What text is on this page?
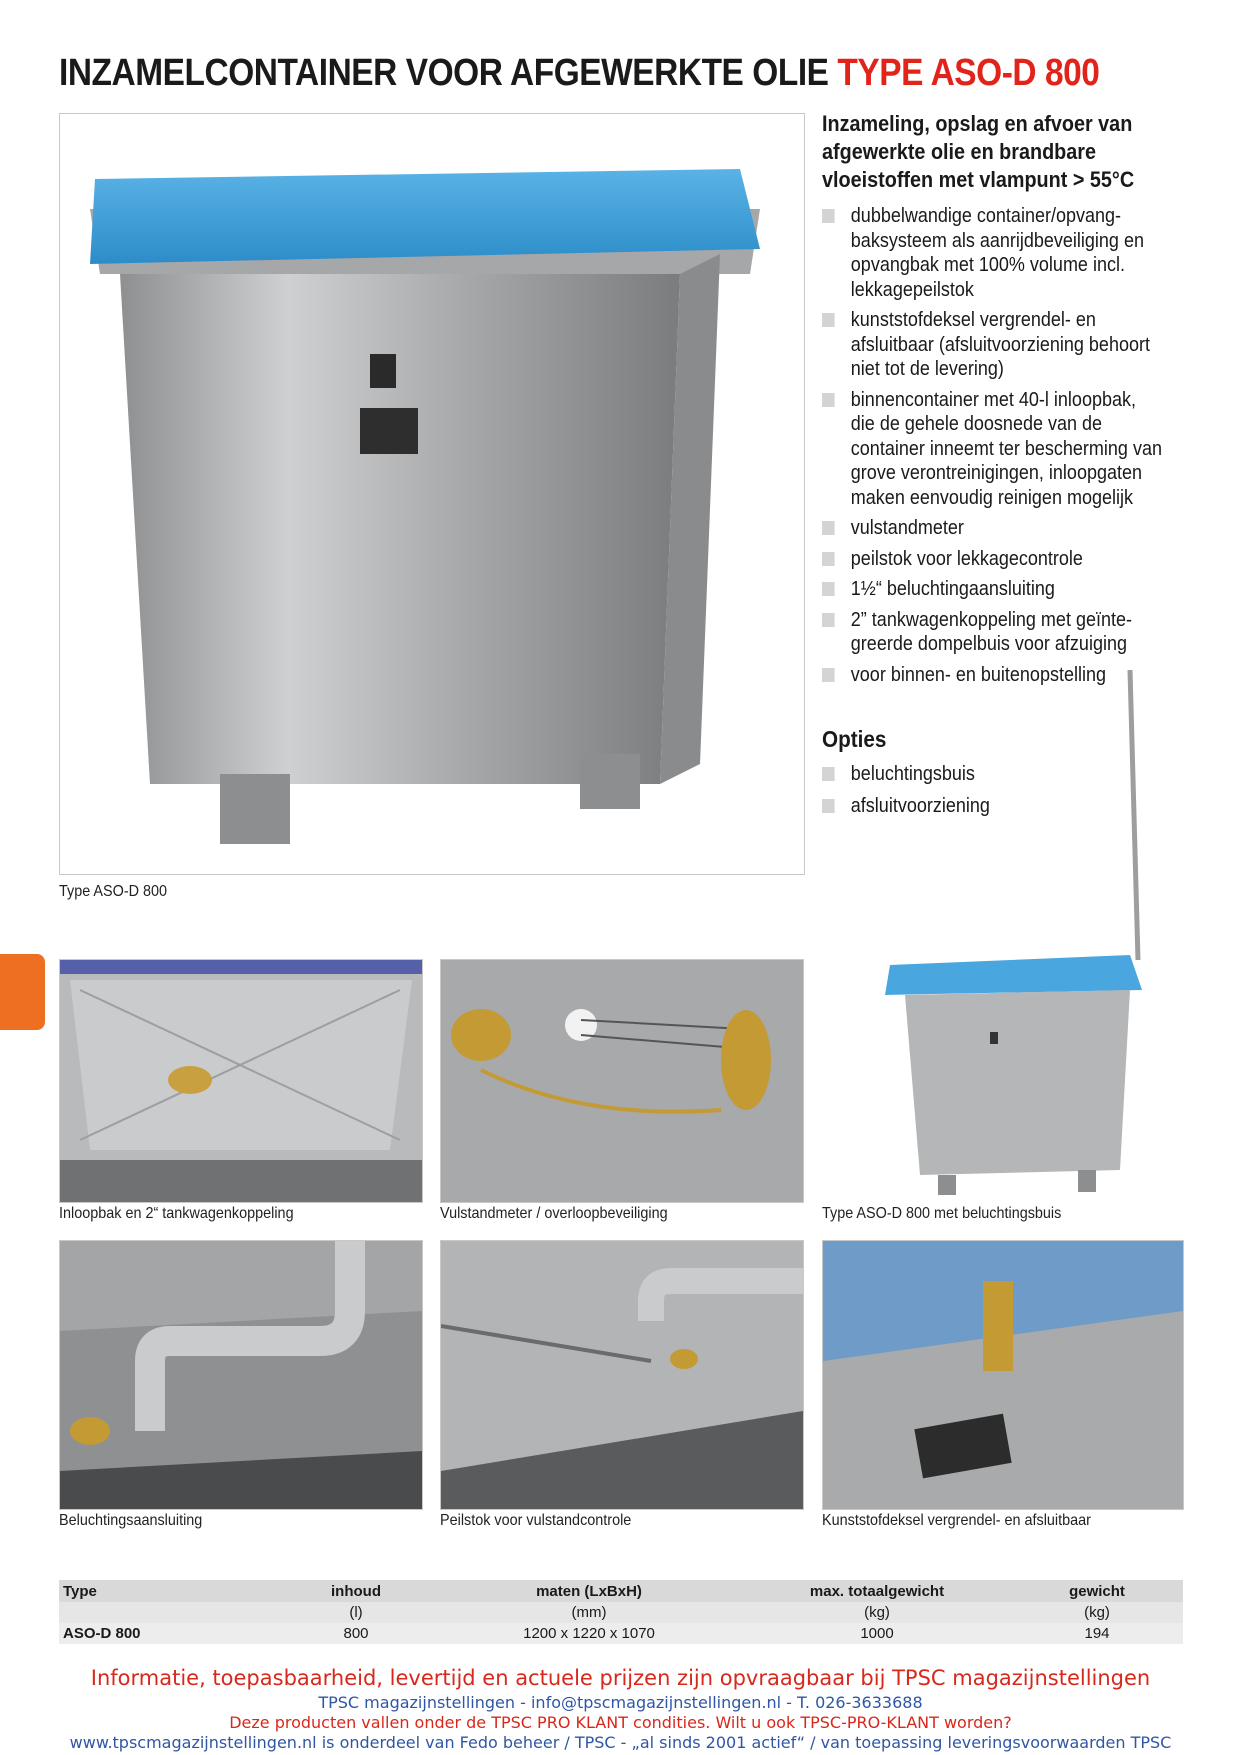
INZAMELCONTAINER VOOR AFGEWERKTE OLIE TYPE ASO-D 800
Type ASO-D 800
Inzameling, opslag en afvoer van afgewerkte olie en brandbare vloeistoffen met vlampunt > 55°C
dubbelwandige container/opvang-baksysteem als aanrijdbeveiliging en opvangbak met 100% volume incl. lekkagepeilstok
kunststofdeksel vergrendel- en afsluitbaar (afsluitvoorziening behoort niet tot de levering)
binnencontainer met 40-l inloopbak, die de gehele doosnede van de container inneemt ter bescherming van grove verontreinigingen, inloopgaten maken eenvoudig reinigen mogelijk
vulstandmeter
peilstok voor lekkagecontrole
1½“ beluchtingaansluiting
2” tankwagenkoppeling met geïnte-greerde dompelbuis voor afzuiging
voor binnen- en buitenopstelling
Opties
beluchtingsbuis
afsluitvoorziening
Inloopbak en 2“ tankwagenkoppeling	Vulstandmeter / overloopbeveiliging	Type ASO-D 800 met beluchtingsbuis
Beluchtingsaansluiting	Peilstok voor vulstandcontrole	Kunststofdeksel vergrendel- en afsluitbaar
Type	inhoud	maten (LxBxH)	max. totaalgewicht	gewicht
	(l)	(mm)	(kg)	(kg)
ASO-D 800	800	1200 x 1220 x 1070	1000	194
Informatie, toepasbaarheid, levertijd en actuele prijzen zijn opvraagbaar bij TPSC magazijnstellingen
TPSC magazijnstellingen - info@tpscmagazijnstellingen.nl - T. 026-3633688
Deze producten vallen onder de TPSC PRO KLANT condities. Wilt u ook TPSC-PRO-KLANT worden?
www.tpscmagazijnstellingen.nl is onderdeel van Fedo beheer / TPSC - „al sinds 2001 actief“ / van toepassing leveringsvoorwaarden TPSC
